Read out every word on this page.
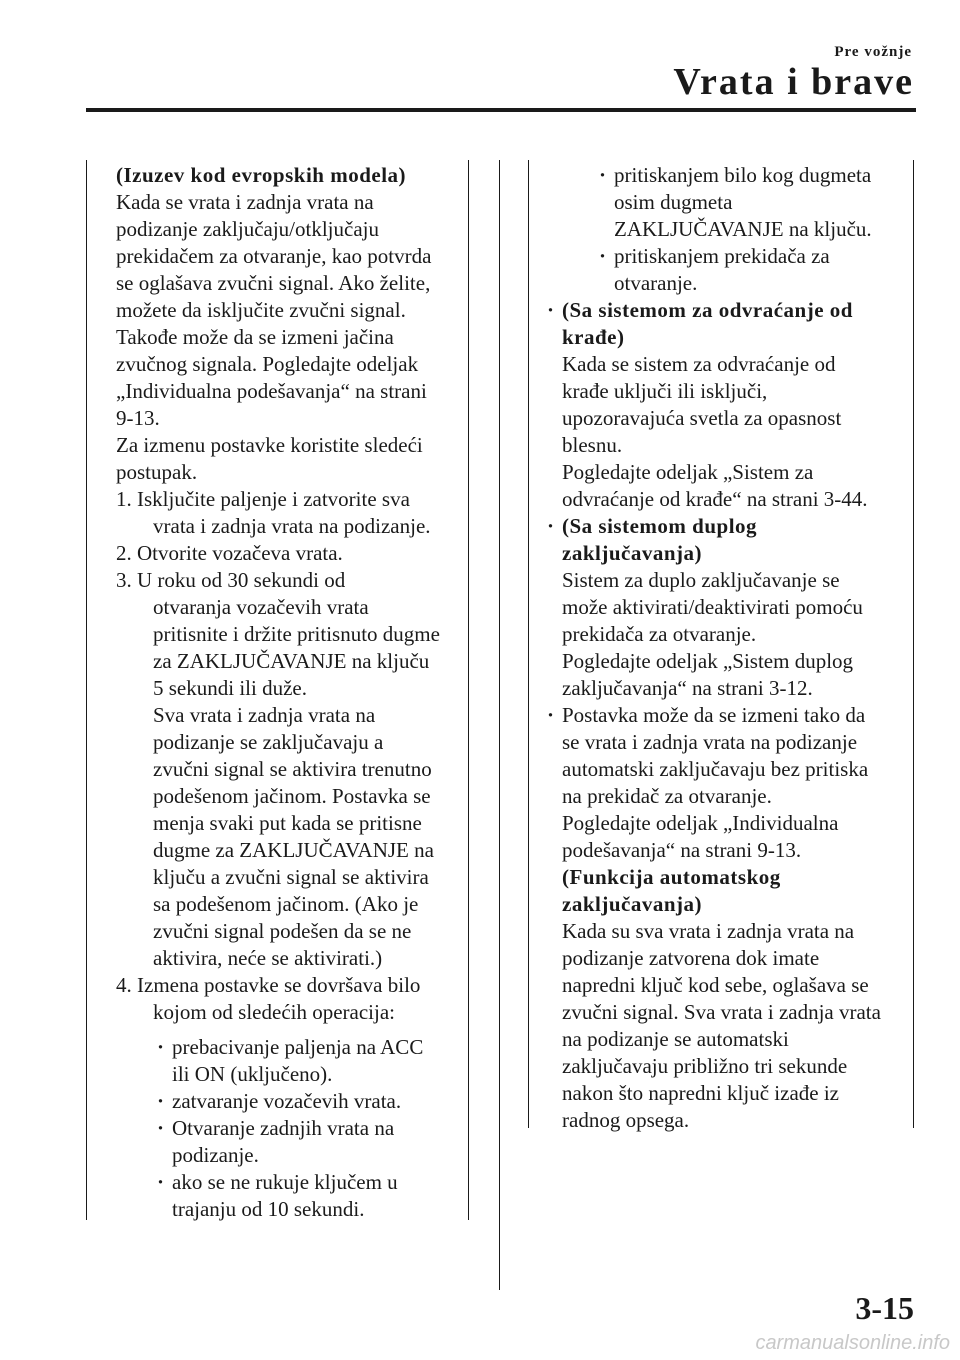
Pre vožnje
Vrata i brave

(Izuzev kod evropskih modela)

Kada se vrata i zadnja vrata na

podizanje zaključaju/otključaju

prekidačem za otvaranje, kao potvrda

se oglašava zvučni signal. Ako želite,

možete da isključite zvučni signal.

Takođe može da se izmeni jačina

zvučnog signala. Pogledajte odeljak

„Individualna podešavanja“ na strani

9-13.

Za izmenu postavke koristite sledeći

postupak.

1. Isključite paljenje i zatvorite sva

vrata i zadnja vrata na podizanje.

2. Otvorite vozačeva vrata.

3. U roku od 30 sekundi od

otvaranja vozačevih vrata

pritisnite i držite pritisnuto dugme

za ZAKLJUČAVANJE na ključu

5 sekundi ili duže.

Sva vrata i zadnja vrata na

podizanje se zaključavaju a

zvučni signal se aktivira trenutno

podešenom jačinom. Postavka se

menja svaki put kada se pritisne

dugme za ZAKLJUČAVANJE na

ključu a zvučni signal se aktivira

sa podešenom jačinom. (Ako je

zvučni signal podešen da se ne

aktivira, neće se aktivirati.)

4. Izmena postavke se dovršava bilo

kojom od sledećih operacija:

· prebacivanje paljenja na ACC

ili ON (uključeno).

· zatvaranje vozačevih vrata.

· Otvaranje zadnjih vrata na

podizanje.

· ako se ne rukuje ključem u

trajanju od 10 sekundi.

· pritiskanjem bilo kog dugmeta

osim dugmeta

ZAKLJUČAVANJE na ključu.

· pritiskanjem prekidača za

otvaranje.

· (Sa sistemom za odvraćanje od

krađe)

Kada se sistem za odvraćanje od

krađe uključi ili isključi,

upozoravajuća svetla za opasnost

blesnu.

Pogledajte odeljak „Sistem za

odvraćanje od krađe“ na strani 3-44.

· (Sa sistemom duplog

zaključavanja)

Sistem za duplo zaključavanje se

može aktivirati/deaktivirati pomoću

prekidača za otvaranje.

Pogledajte odeljak „Sistem duplog

zaključavanja“ na strani 3-12.

· Postavka može da se izmeni tako da

se vrata i zadnja vrata na podizanje

automatski zaključavaju bez pritiska

na prekidač za otvaranje.

Pogledajte odeljak „Individualna

podešavanja“ na strani 9-13.

(Funkcija automatskog

zaključavanja)

Kada su sva vrata i zadnja vrata na

podizanje zatvorena dok imate

napredni ključ kod sebe, oglašava se

zvučni signal. Sva vrata i zadnja vrata

na podizanje se automatski

zaključavaju približno tri sekunde

nakon što napredni ključ izađe iz

radnog opsega.

3-15
carmanualsonline.info
